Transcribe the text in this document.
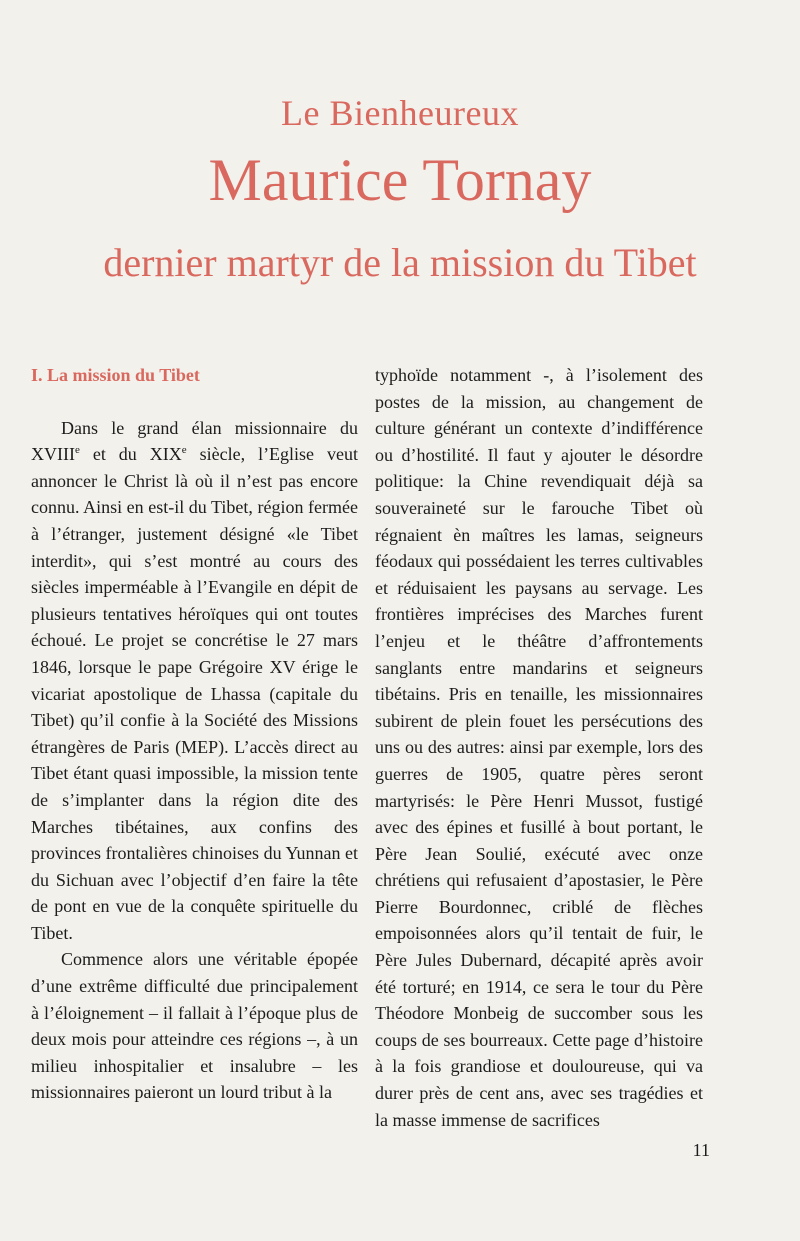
Le Bienheureux
Maurice Tornay
dernier martyr de la mission du Tibet

I. La mission du Tibet

Dans le grand élan missionnaire du XVIIIe et du XIXe siècle, l’Eglise veut annoncer le Christ là où il n’est pas encore connu. Ainsi en est-il du Tibet, région fermée à l’étranger, justement désigné «le Tibet interdit», qui s’est montré au cours des siècles imperméable à l’Evangile en dépit de plusieurs tentatives héroïques qui ont toutes échoué. Le projet se concrétise le 27 mars 1846, lorsque le pape Grégoire XV érige le vicariat apostolique de Lhassa (capitale du Tibet) qu’il confie à la Société des Missions étrangères de Paris (MEP). L’accès direct au Tibet étant quasi impossible, la mission tente de s’implanter dans la région dite des Marches tibétaines, aux confins des provinces frontalières chinoises du Yunnan et du Sichuan avec l’objectif d’en faire la tête de pont en vue de la conquête spirituelle du Tibet.

Commence alors une véritable épopée d’une extrême difficulté due principalement à l’éloignement – il fallait à l’époque plus de deux mois pour atteindre ces régions –, à un milieu inhospitalier et insalubre – les missionnaires paieront un lourd tribut à la

typhoïde notamment -, à l’isolement des postes de la mission, au changement de culture générant un contexte d’indifférence ou d’hostilité. Il faut y ajouter le désordre politique: la Chine revendiquait déjà sa souveraineté sur le farouche Tibet où régnaient èn maîtres les lamas, seigneurs féodaux qui possédaient les terres cultivables et réduisaient les paysans au servage. Les frontières imprécises des Marches furent l’enjeu et le théâtre d’affrontements sanglants entre mandarins et seigneurs tibétains. Pris en tenaille, les missionnaires subirent de plein fouet les persécutions des uns ou des autres: ainsi par exemple, lors des guerres de 1905, quatre pères seront martyrisés: le Père Henri Mussot, fustigé avec des épines et fusillé à bout portant, le Père Jean Soulié, exécuté avec onze chrétiens qui refusaient d’apostasier, le Père Pierre Bourdonnec, criblé de flèches empoisonnées alors qu’il tentait de fuir, le Père Jules Dubernard, décapité après avoir été torturé; en 1914, ce sera le tour du Père Théodore Monbeig de succomber sous les coups de ses bourreaux. Cette page d’histoire à la fois grandiose et douloureuse, qui va durer près de cent ans, avec ses tragédies et la masse immense de sacrifices

11
